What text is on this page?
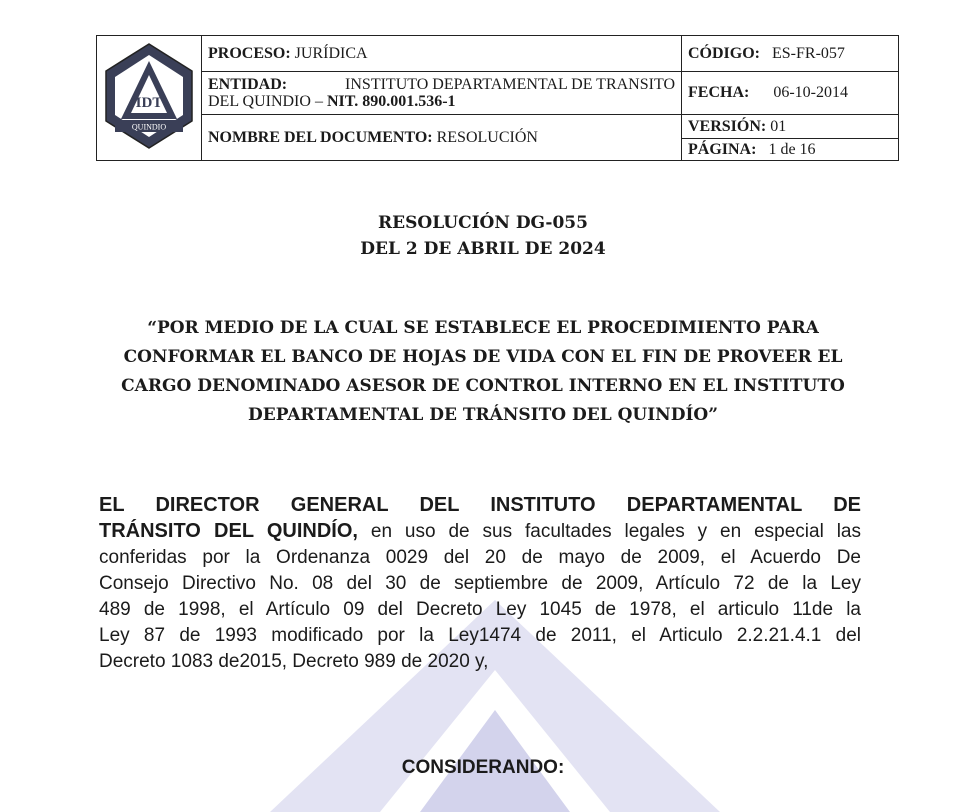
IDT
QUINDIO	PROCESO: JURÍDICA	CÓDIGO: ES-FR-057

	ENTIDAD: INSTITUTO DEPARTAMENTAL DE TRANSITO
DEL QUINDIO – NIT. 890.001.536-1	FECHA: 06-10-2014
	NOMBRE DEL DOCUMENTO: RESOLUCIÓN	VERSIÓN: 01
		PÁGINA: 1 de 16
RESOLUCIÓN DG-055
DEL 2 DE ABRIL DE 2024
“POR MEDIO DE LA CUAL SE ESTABLECE EL PROCEDIMIENTO PARA
CONFORMAR EL BANCO DE HOJAS DE VIDA CON EL FIN DE PROVEER EL
CARGO DENOMINADO ASESOR DE CONTROL INTERNO EN EL INSTITUTO
DEPARTAMENTAL DE TRÁNSITO DEL QUINDÍO”
EL DIRECTOR GENERAL DEL INSTITUTO DEPARTAMENTAL DE
TRÁNSITO DEL QUINDÍO, en uso de sus facultades legales y en especial las
conferidas por la Ordenanza 0029 del 20 de mayo de 2009, el Acuerdo De
Consejo Directivo No. 08 del 30 de septiembre de 2009, Artículo 72 de la Ley
489 de 1998, el Artículo 09 del Decreto Ley 1045 de 1978, el articulo 11de la
Ley 87 de 1993 modificado por la Ley1474 de 2011, el Articulo 2.2.21.4.1 del
Decreto 1083 de2015, Decreto 989 de 2020 y,
CONSIDERANDO:
